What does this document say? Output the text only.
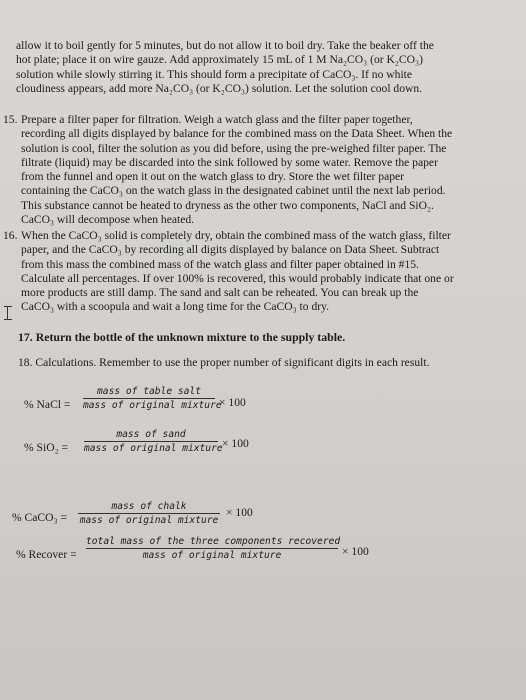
allow it to boil gently for 5 minutes, but do not allow it to boil dry. Take the beaker off the
hot plate; place it on wire gauze. Add approximately 15 mL of 1 M Na₂CO₃ (or K₂CO₃)
solution while slowly stirring it. This should form a precipitate of CaCO₃. If no white
cloudiness appears, add more Na₂CO₃ (or K₂CO₃) solution. Let the solution cool down.
15. Prepare a filter paper for filtration. Weigh a watch glass and the filter paper together,
recording all digits displayed by balance for the combined mass on the Data Sheet. When the
solution is cool, filter the solution as you did before, using the pre-weighed filter paper. The
filtrate (liquid) may be discarded into the sink followed by some water. Remove the paper
from the funnel and open it out on the watch glass to dry. Store the wet filter paper
containing the CaCO₃ on the watch glass in the designated cabinet until the next lab period.
This substance cannot be heated to dryness as the other two components, NaCl and SiO₂.
CaCO₃ will decompose when heated.
16. When the CaCO₃ solid is completely dry, obtain the combined mass of the watch glass, filter
paper, and the CaCO₃ by recording all digits displayed by balance on Data Sheet. Subtract
from this mass the combined mass of the watch glass and filter paper obtained in #15.
Calculate all percentages. If over 100% is recovered, this would probably indicate that one or
more products are still damp. The sand and salt can be reheated. You can break up the
CaCO₃ with a scoopula and wait a long time for the CaCO₃ to dry.
17. Return the bottle of the unknown mixture to the supply table.
18. Calculations. Remember to use the proper number of significant digits in each result.
% NaCl =
mass of table salt
mass of original mixture
× 100
% SiO₂ =
mass of sand
mass of original mixture × 100
% CaCO₃ =
mass of chalk
mass of original mixture
× 100
% Recover =
total mass of the three components recovered
mass of original mixture	× 100
